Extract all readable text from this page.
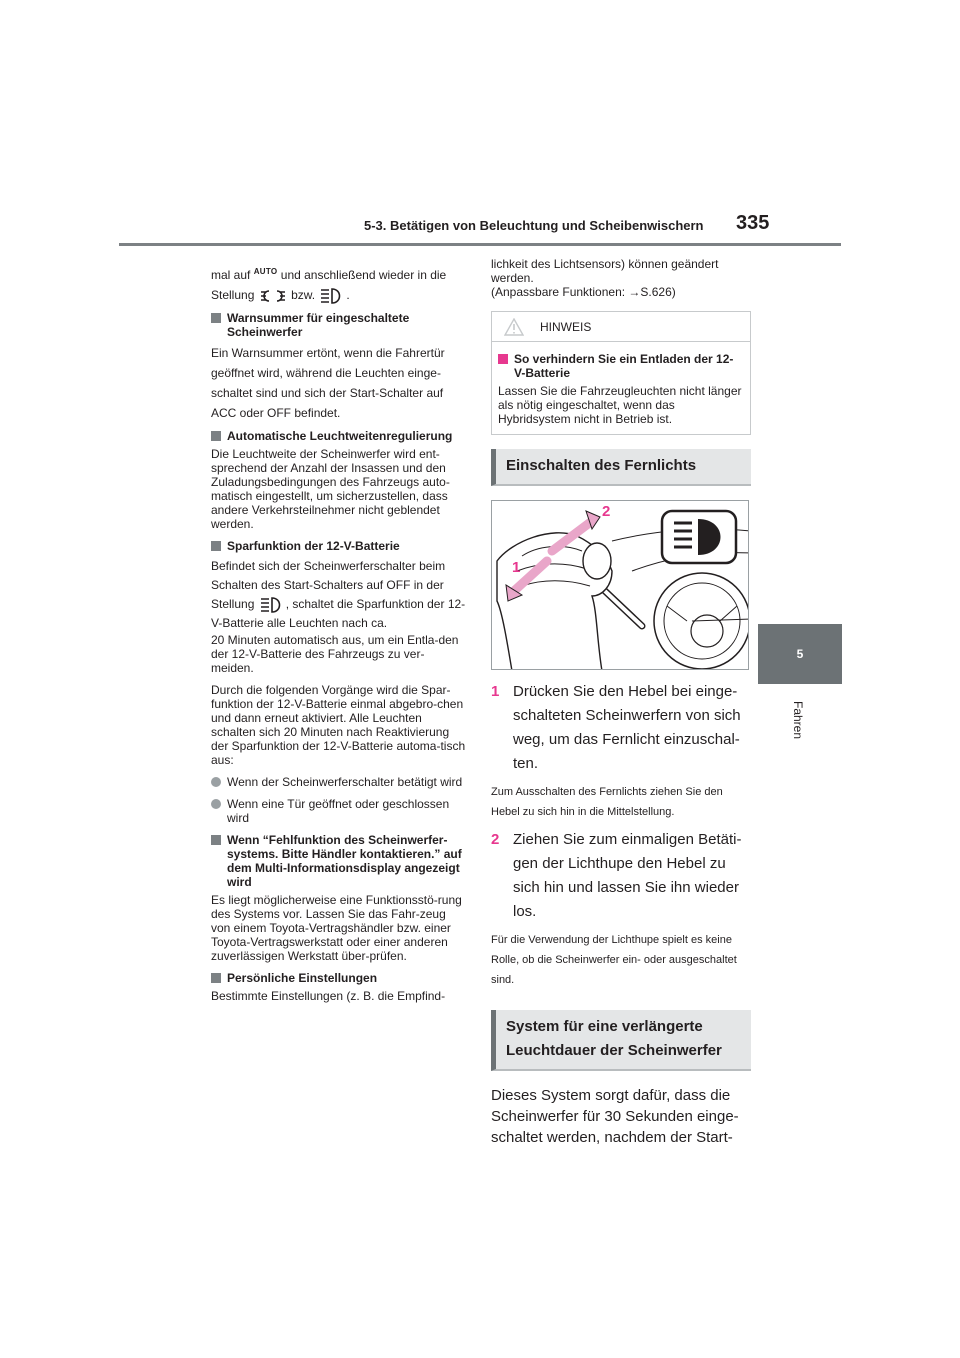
5-3. Betätigen von Beleuchtung und Scheibenwischern 335
5
Fahren
mal auf $^{AUTO}$ und anschließend wieder in die
Stellung	bzw.	.
Warnsummer für eingeschaltete Scheinwerfer
Ein Warnsummer ertönt, wenn die Fahrertür geöffnet wird, während die Leuchten einge-schaltet sind und sich der Start-Schalter auf ACC oder OFF befindet.
Automatische Leuchtweitenregulierung
Die Leuchtweite der Scheinwerfer wird ent-sprechend der Anzahl der Insassen und den Zuladungsbedingungen des Fahrzeugs auto-matisch eingestellt, um sicherzustellen, dass andere Verkehrsteilnehmer nicht geblendet werden.
Sparfunktion der 12-V-Batterie
Befindet sich der Scheinwerferschalter beim Schalten des Start-Schalters auf OFF in der
Stellung	, schaltet die Sparfunktion der 12-V-Batterie alle Leuchten nach ca.
20 Minuten automatisch aus, um ein Entla-den der 12-V-Batterie des Fahrzeugs zu ver-meiden.
Durch die folgenden Vorgänge wird die Spar-funktion der 12-V-Batterie einmal abgebro-chen und dann erneut aktiviert. Alle Leuchten schalten sich 20 Minuten nach Reaktivierung der Sparfunktion der 12-V-Batterie automa-tisch aus:
Wenn der Scheinwerferschalter betätigt wird
Wenn eine Tür geöffnet oder geschlossen wird
Wenn “Fehlfunktion des Scheinwerfer-systems. Bitte Händler kontaktieren.” auf dem Multi-Informationsdisplay angezeigt wird
Es liegt möglicherweise eine Funktionsstö-rung des Systems vor. Lassen Sie das Fahr-zeug von einem Toyota-Vertragshändler bzw. einer Toyota-Vertragswerkstatt oder einer anderen zuverlässigen Werkstatt über-prüfen.
Persönliche Einstellungen
Bestimmte Einstellungen (z. B. die Empfind-
lichkeit des Lichtsensors) können geändert werden.
(Anpassbare Funktionen: →S.626)
HINWEIS
So verhindern Sie ein Entladen der 12-V-Batterie
Lassen Sie die Fahrzeugleuchten nicht länger als nötig eingeschaltet, wenn das Hybridsystem nicht in Betrieb ist.
Einschalten des Fernlichts
1
2
1 Drücken Sie den Hebel bei einge-schalteten Scheinwerfern von sich weg, um das Fernlicht einzuschal-ten.
Zum Ausschalten des Fernlichts ziehen Sie den Hebel zu sich hin in die Mittelstellung.
2 Ziehen Sie zum einmaligen Betäti-gen der Lichthupe den Hebel zu sich hin und lassen Sie ihn wieder los.
Für die Verwendung der Lichthupe spielt es keine Rolle, ob die Scheinwerfer ein- oder ausgeschaltet sind.
System für eine verlängerte Leuchtdauer der Scheinwerfer
Dieses System sorgt dafür, dass die Scheinwerfer für 30 Sekunden einge-schaltet werden, nachdem der Start-
